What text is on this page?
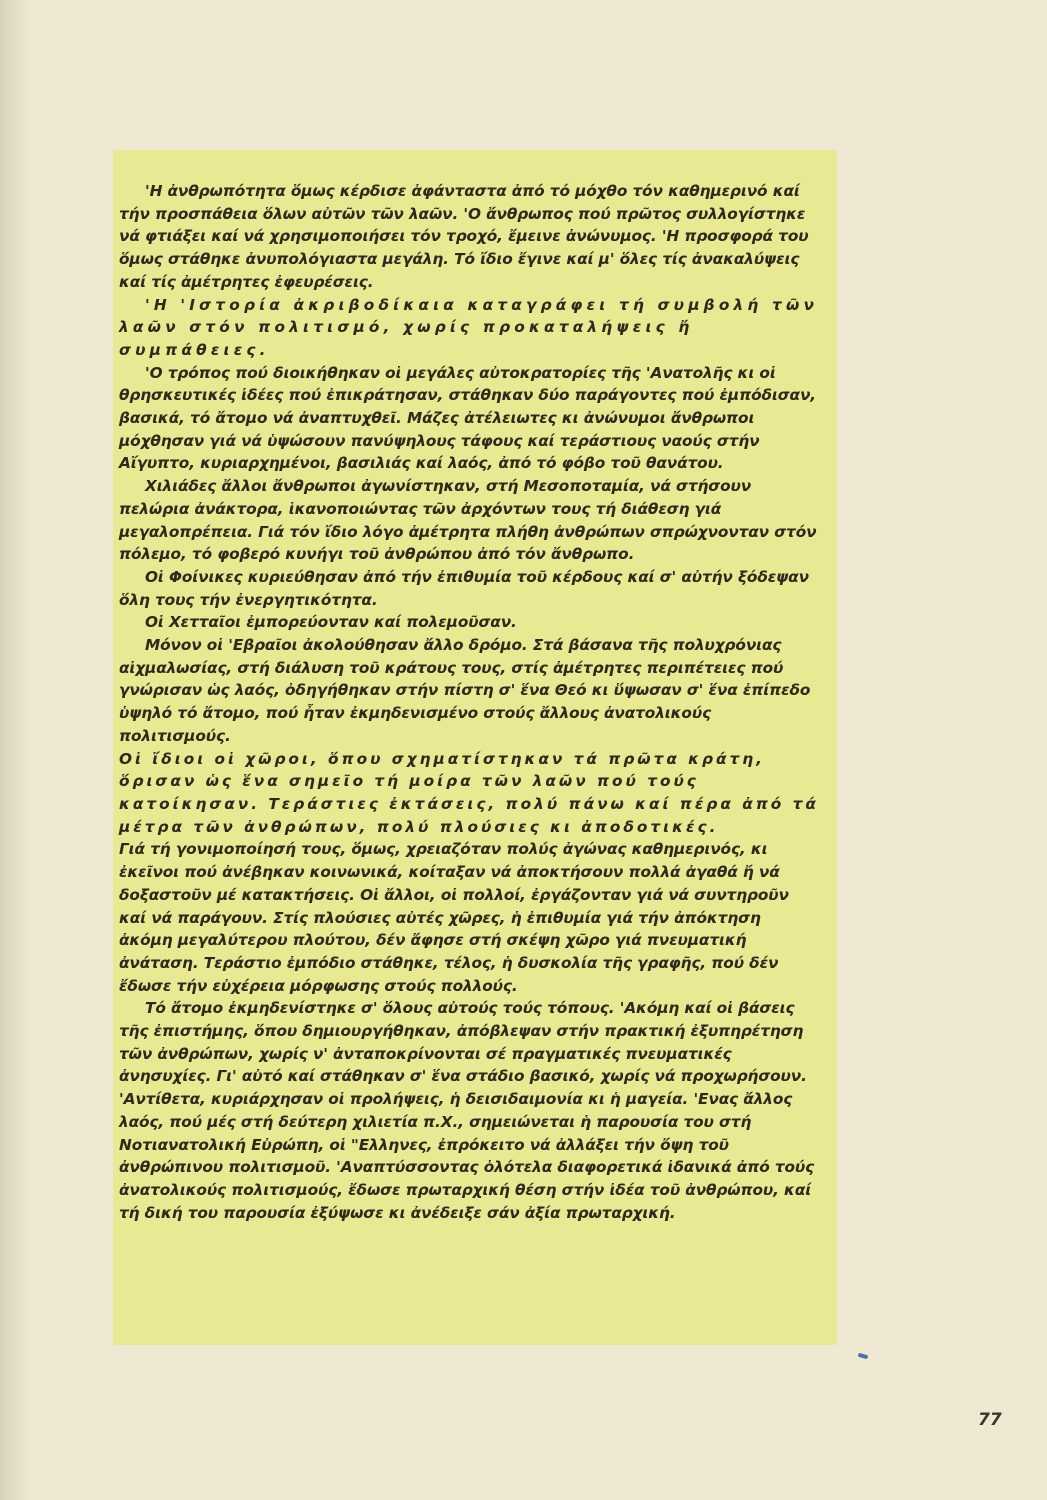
'Η ἀνθρωπότητα ὅμως κέρδισε ἀφάνταστα ἀπό τό μόχθο τόν καθημερινό καί τήν προσπάθεια ὅλων αὐτῶν τῶν λαῶν. 'Ο ἄνθρωπος πού πρῶτος συλλογίστηκε νά φτιάξει καί νά χρησιμοποιήσει τόν τροχό, ἔμεινε ἀνώνυμος. 'Η προσφορά του ὅμως στάθηκε ἀνυπολόγιαστα μεγάλη. Τό ἴδιο ἔγινε καί μ' ὅλες τίς ἀνακαλύψεις καί τίς ἀμέτρητες ἐφευρέσεις.

'Η 'Ιστορία ἀκριβοδίκαια καταγράφει τή συμβολή τῶν λαῶν στόν πολιτισμό, χωρίς προκαταλήψεις ἤ συμπάθειες.

'Ο τρόπος πού διοικήθηκαν οἱ μεγάλες αὐτοκρατορίες τῆς 'Ανατολῆς κι οἱ θρησκευτικές ἰδέες πού ἐπικράτησαν, στάθηκαν δύο παράγοντες πού ἐμπόδισαν, βασικά, τό ἄτομο νά ἀναπτυχθεῖ. Μάζες ἀτέλειωτες κι ἀνώνυμοι ἄνθρωποι μόχθησαν γιά νά ὑψώσουν πανύψηλους τάφους καί τεράστιους ναούς στήν Αἴγυπτο, κυριαρχημένοι, βασιλιάς καί λαός, ἀπό τό φόβο τοῦ θανάτου.

Χιλιάδες ἄλλοι ἄνθρωποι ἀγωνίστηκαν, στή Μεσοποταμία, νά στήσουν πελώρια ἀνάκτορα, ἱκανοποιώντας τῶν ἀρχόντων τους τή διάθεση γιά μεγαλοπρέπεια. Γιά τόν ἴδιο λόγο ἀμέτρητα πλήθη ἀνθρώπων σπρώχνονταν στόν πόλεμο, τό φοβερό κυνήγι τοῦ ἀνθρώπου ἀπό τόν ἄνθρωπο.

Οἱ Φοίνικες κυριεύθησαν ἀπό τήν ἐπιθυμία τοῦ κέρδους καί σ' αὐτήν ξόδεψαν ὅλη τους τήν ἐνεργητικότητα.

Οἱ Χετταῖοι ἐμπορεύονταν καί πολεμοῦσαν.

Μόνον οἱ 'Εβραῖοι ἀκολούθησαν ἄλλο δρόμο. Στά βάσανα τῆς πολυχρόνιας αἰχμαλωσίας, στή διάλυση τοῦ κράτους τους, στίς ἀμέτρητες περιπέτειες πού γνώρισαν ὡς λαός, ὀδηγήθηκαν στήν πίστη σ' ἕνα Θεό κι ὕψωσαν σ' ἕνα ἐπίπεδο ὑψηλό τό ἄτομο, πού ἦταν ἐκμηδενισμένο στούς ἄλλους ἀνατολικούς πολιτισμούς.

Οἱ ἴδιοι οἱ χῶροι, ὅπου σχηματίστηκαν τά πρῶτα κράτη, ὅρισαν ὡς ἕνα σημεῖο τή μοίρα τῶν λαῶν πού τούς κατοίκησαν. Τεράστιες ἐκτάσεις, πολύ πάνω καί πέρα ἀπό τά μέτρα τῶν ἀνθρώπων, πολύ πλούσιες κι ἀποδοτικές.

Γιά τή γονιμοποίησή τους, ὅμως, χρειαζόταν πολύς ἀγώνας καθημερινός, κι ἐκεῖνοι πού ἀνέβηκαν κοινωνικά, κοίταξαν νά ἀποκτήσουν πολλά ἀγαθά ἤ νά δοξαστοῦν μέ κατακτήσεις. Οἱ ἄλλοι, οἱ πολλοί, ἐργάζονταν γιά νά συντηροῦν καί νά παράγουν. Στίς πλούσιες αὐτές χῶρες, ἡ ἐπιθυμία γιά τήν ἀπόκτηση ἀκόμη μεγαλύτερου πλούτου, δέν ἄφησε στή σκέψη χῶρο γιά πνευματική ἀνάταση. Τεράστιο ἐμπόδιο στάθηκε, τέλος, ἡ δυσκολία τῆς γραφῆς, πού δέν ἔδωσε τήν εὐχέρεια μόρφωσης στούς πολλούς.

Τό ἄτομο ἐκμηδενίστηκε σ' ὅλους αὐτούς τούς τόπους. 'Ακόμη καί οἱ βάσεις τῆς ἐπιστήμης, ὅπου δημιουργήθηκαν, ἀπόβλεψαν στήν πρακτική ἐξυπηρέτηση τῶν ἀνθρώπων, χωρίς ν' ἀνταποκρίνονται σέ πραγματικές πνευματικές ἀνησυχίες. Γι' αὐτό καί στάθηκαν σ' ἕνα στάδιο βασικό, χωρίς νά προχωρήσουν. 'Αντίθετα, κυριάρχησαν οἱ προλήψεις, ἡ δεισιδαιμονία κι ἡ μαγεία. 'Ενας ἄλλος λαός, πού μές στή δεύτερη χιλιετία π.Χ., σημειώνεται ἡ παρουσία του στή Νοτιανατολική Εὐρώπη, οἱ "Ελληνες, ἐπρόκειτο νά ἀλλάξει τήν ὄψη τοῦ ἀνθρώπινου πολιτισμοῦ. 'Αναπτύσσοντας ὁλότελα διαφορετικά ἰδανικά ἀπό τούς ἀνατολικούς πολιτισμούς, ἔδωσε πρωταρχική θέση στήν ἰδέα τοῦ ἀνθρώπου, καί τή δική του παρουσία ἐξύψωσε κι ἀνέδειξε σάν ἀξία πρωταρχική.

77
